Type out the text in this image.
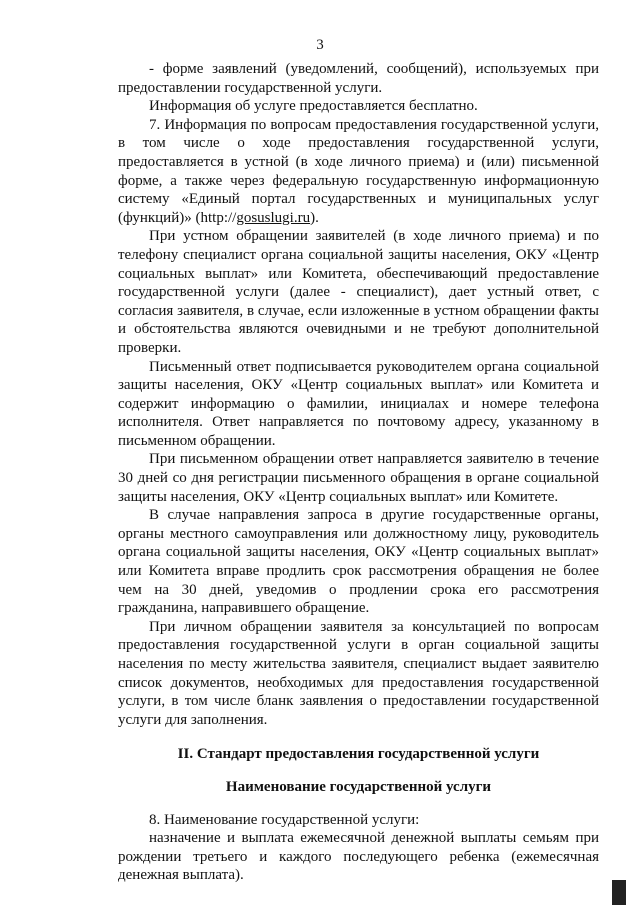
3

- форме заявлений (уведомлений, сообщений), используемых при предоставлении государственной услуги.

Информация об услуге предоставляется бесплатно.

7. Информация по вопросам предоставления государственной услуги, в том числе о ходе предоставления государственной услуги, предоставляется в устной (в ходе личного приема) и (или) письменной форме, а также через федеральную государственную информационную систему «Единый портал государственных и муниципальных услуг (функций)» (http://gosuslugi.ru).

При устном обращении заявителей (в ходе личного приема) и по телефону специалист органа социальной защиты населения, ОКУ «Центр социальных выплат» или Комитета, обеспечивающий предоставление государственной услуги (далее - специалист), дает устный ответ, с согласия заявителя, в случае, если изложенные в устном обращении факты и обстоятельства являются очевидными и не требуют дополнительной проверки.

Письменный ответ подписывается руководителем органа социальной защиты населения, ОКУ «Центр социальных выплат» или Комитета и содержит информацию о фамилии, инициалах и номере телефона исполнителя. Ответ направляется по почтовому адресу, указанному в письменном обращении.

При письменном обращении ответ направляется заявителю в течение 30 дней со дня регистрации письменного обращения в органе социальной защиты населения, ОКУ «Центр социальных выплат» или Комитете.

В случае направления запроса в другие государственные органы, органы местного самоуправления или должностному лицу, руководитель органа социальной защиты населения, ОКУ «Центр социальных выплат» или Комитета вправе продлить срок рассмотрения обращения не более чем на 30 дней, уведомив о продлении срока его рассмотрения гражданина, направившего обращение.

При личном обращении заявителя за консультацией по вопросам предоставления государственной услуги в орган социальной защиты населения по месту жительства заявителя, специалист выдает заявителю список документов, необходимых для предоставления государственной услуги, в том числе бланк заявления о предоставлении государственной услуги для заполнения.

II. Стандарт предоставления государственной услуги
Наименование государственной услуги

8. Наименование государственной услуги:

назначение и выплата ежемесячной денежной выплаты семьям при рождении третьего и каждого последующего ребенка (ежемесячная денежная выплата).
